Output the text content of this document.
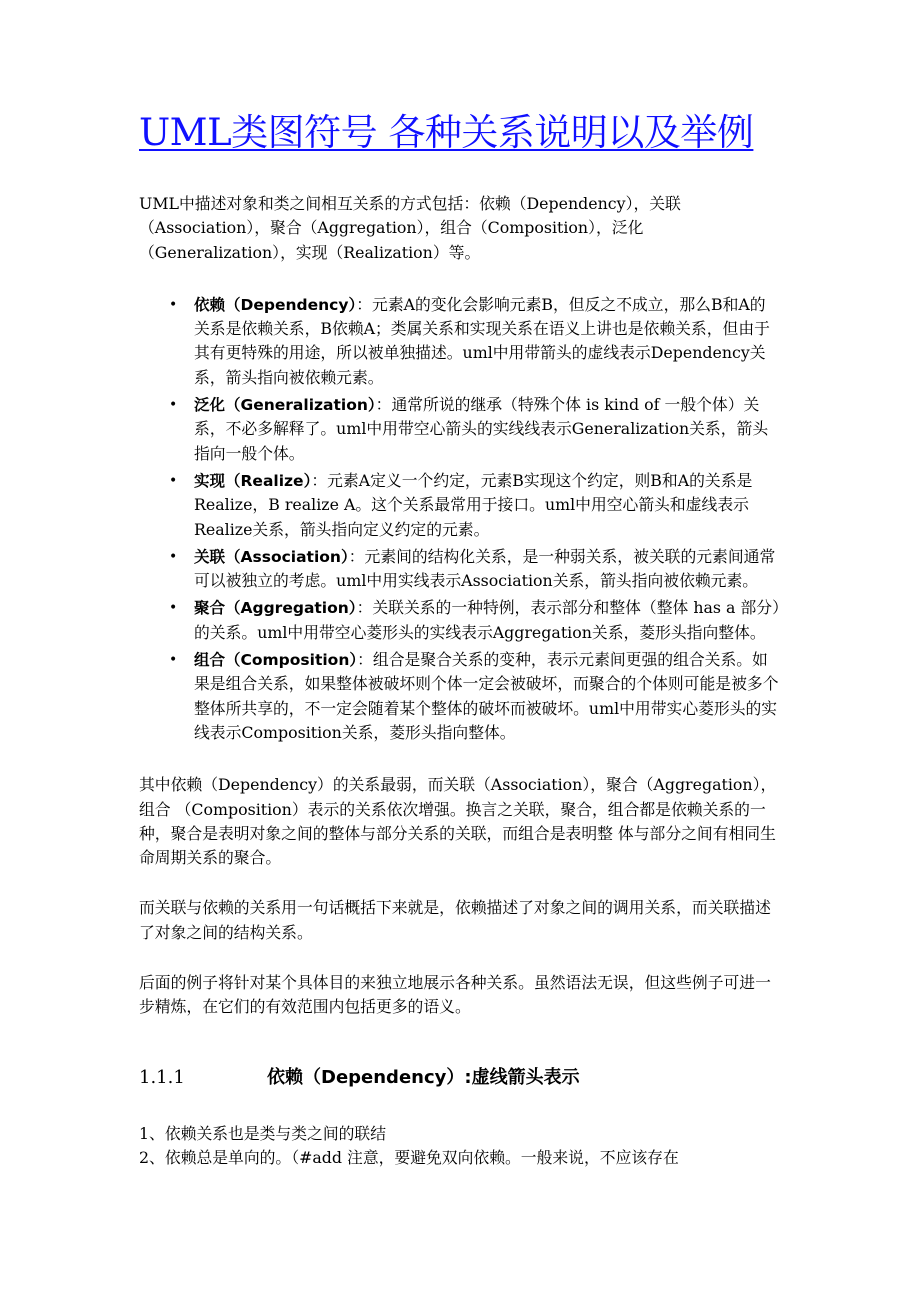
UML类图符号 各种关系说明以及举例

UML中描述对象和类之间相互关系的方式包括：依赖（Dependency），关联（Association），聚合（Aggregation），组合（Composition），泛化（Generalization），实现（Realization）等。

• 依赖（Dependency）：元素A的变化会影响元素B，但反之不成立，那么B和A的关系是依赖关系，B依赖A；类属关系和实现关系在语义上讲也是依赖关系，但由于其有更特殊的用途，所以被单独描述。uml中用带箭头的虚线表示Dependency关系，箭头指向被依赖元素。
• 泛化（Generalization）：通常所说的继承（特殊个体 is kind of 一般个体）关系，不必多解释了。uml中用带空心箭头的实线线表示Generalization关系，箭头指向一般个体。
• 实现（Realize）：元素A定义一个约定，元素B实现这个约定，则B和A的关系是Realize，B realize A。这个关系最常用于接口。uml中用空心箭头和虚线表示Realize关系，箭头指向定义约定的元素。
• 关联（Association）：元素间的结构化关系，是一种弱关系，被关联的元素间通常可以被独立的考虑。uml中用实线表示Association关系，箭头指向被依赖元素。
• 聚合（Aggregation）：关联关系的一种特例，表示部分和整体（整体 has a 部分）的关系。uml中用带空心菱形头的实线表示Aggregation关系，菱形头指向整体。
• 组合（Composition）：组合是聚合关系的变种，表示元素间更强的组合关系。如果是组合关系，如果整体被破坏则个体一定会被破坏，而聚合的个体则可能是被多个整体所共享的，不一定会随着某个整体的破坏而被破坏。uml中用带实心菱形头的实线表示Composition关系，菱形头指向整体。

其中依赖（Dependency）的关系最弱，而关联（Association），聚合（Aggregation），组合 （Composition）表示的关系依次增强。换言之关联，聚合，组合都是依赖关系的一种，聚合是表明对象之间的整体与部分关系的关联，而组合是表明整 体与部分之间有相同生命周期关系的聚合。

而关联与依赖的关系用一句话概括下来就是，依赖描述了对象之间的调用关系，而关联描述了对象之间的结构关系。

后面的例子将针对某个具体目的来独立地展示各种关系。虽然语法无误，但这些例子可进一步精炼，在它们的有效范围内包括更多的语义。

1.1.1	依赖（Dependency）:虚线箭头表示

1、依赖关系也是类与类之间的联结

2、依赖总是单向的。（#add 注意，要避免双向依赖。一般来说，不应该存在
